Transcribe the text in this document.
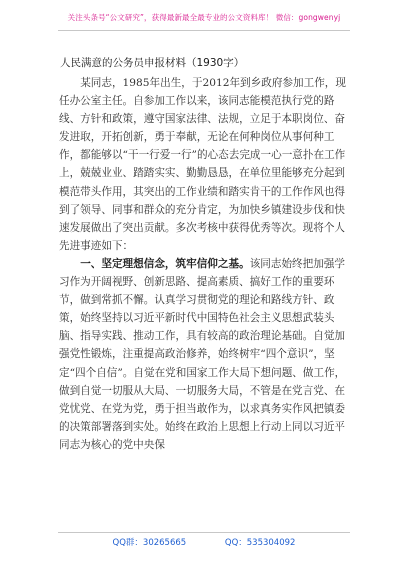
关注头条号“公文研究”，获得最新最全最专业的公文资料库！ 微信：gongwenyj
人民满意的公务员申报材料（1930字）

某同志，1985年出生，于2012年到乡政府参加工作，现任办公室主任。自参加工作以来，该同志能模范执行党的路线、方针和政策，遵守国家法律、法规，立足于本职岗位、奋发进取，开拓创新，勇于奉献，无论在何种岗位从事何种工作，都能够以“干一行爱一行”的心态去完成一心一意扑在工作上，兢兢业业、踏踏实实、勤勤恳恳，在单位里能够充分起到模范带头作用，其突出的工作业绩和踏实肯干的工作作风也得到了领导、同事和群众的充分肯定，为加快乡镇建设步伐和快速发展做出了突出贡献。多次考核中获得优秀等次。现将个人先进事迹如下：

一、坚定理想信念，筑牢信仰之基。该同志始终把加强学习作为开阔视野、创新思路、提高素质、搞好工作的重要环节，做到常抓不懈。认真学习贯彻党的理论和路线方针、政策，始终坚持以习近平新时代中国特色社会主义思想武装头脑、指导实践、推动工作，具有较高的政治理论基础。自觉加强党性锻炼，注重提高政治修养，始终树牢“四个意识”，坚定“四个自信”。自觉在党和国家工作大局下想问题、做工作，做到自觉一切服从大局、一切服务大局，不管是在党言党、在党忧党、在党为党，勇于担当敢作为，以求真务实作风把镇委的决策部署落到实处。始终在政治上思想上行动上同以习近平同志为核心的党中央保

QQ群：30265665	QQ：535304092
